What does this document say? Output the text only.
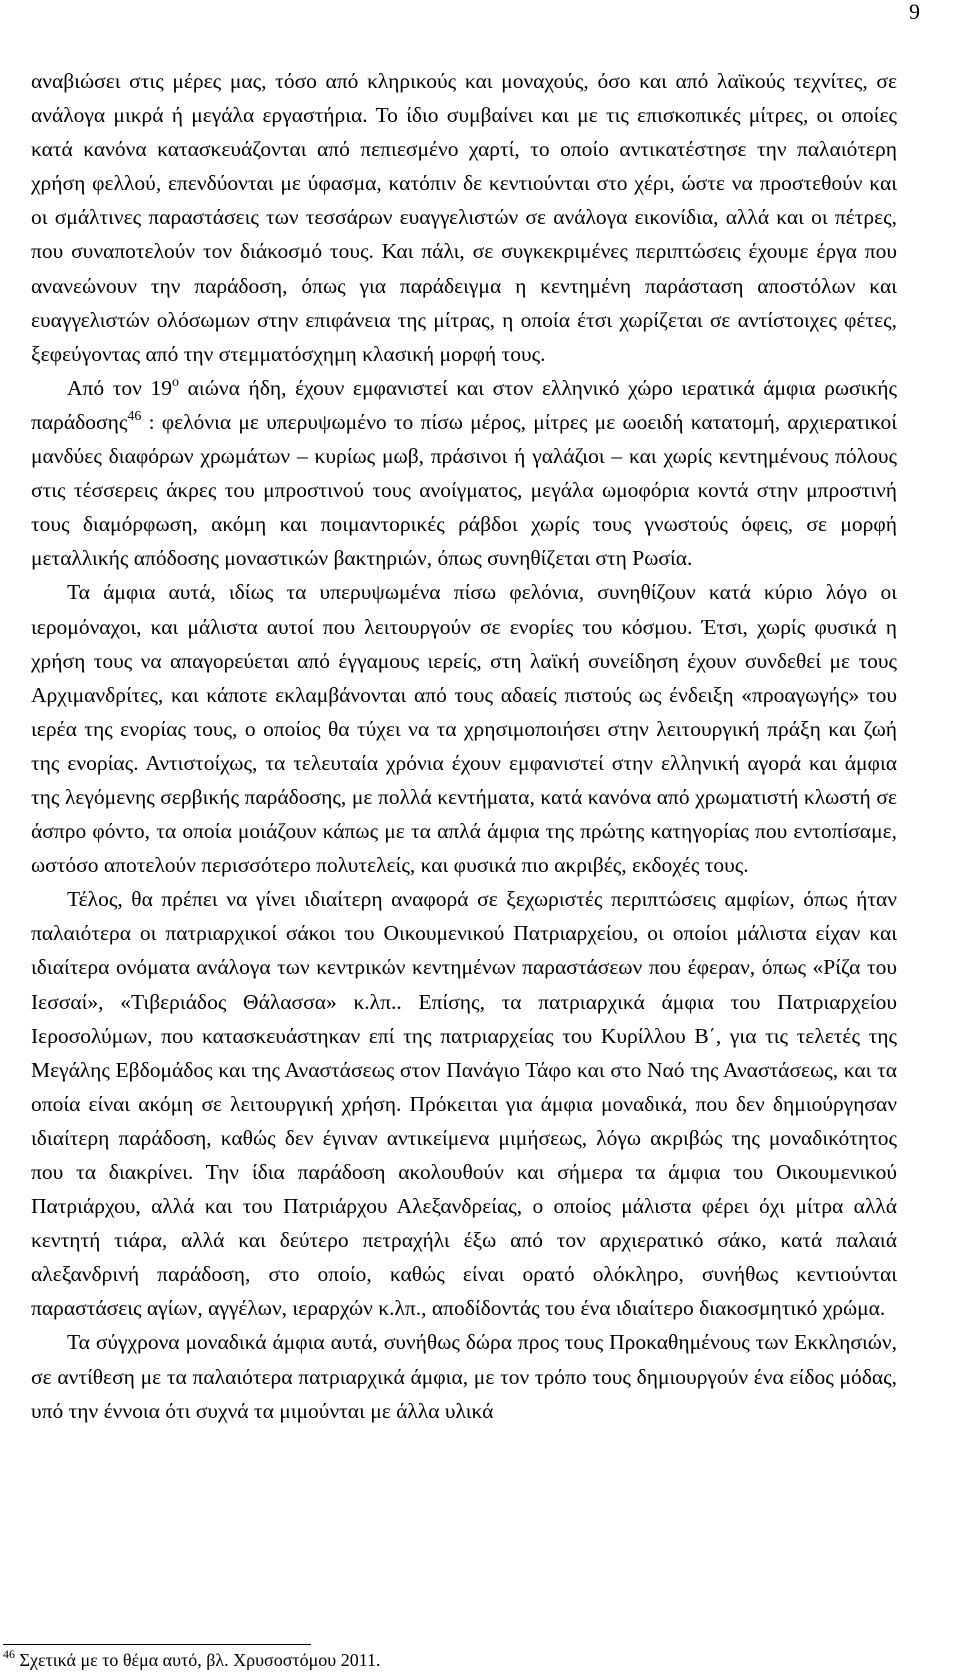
9

αναβιώσει στις μέρες μας, τόσο από κληρικούς και μοναχούς, όσο και από λαϊκούς τεχνίτες, σε ανάλογα μικρά ή μεγάλα εργαστήρια. Το ίδιο συμβαίνει και με τις επισκοπικές μίτρες, οι οποίες κατά κανόνα κατασκευάζονται από πεπιεσμένο χαρτί, το οποίο αντικατέστησε την παλαιότερη χρήση φελλού, επενδύονται με ύφασμα, κατόπιν δε κεντιούνται στο χέρι, ώστε να προστεθούν και οι σμάλτινες παραστάσεις των τεσσάρων ευαγγελιστών σε ανάλογα εικονίδια, αλλά και οι πέτρες, που συναποτελούν τον διάκοσμό τους. Και πάλι, σε συγκεκριμένες περιπτώσεις έχουμε έργα που ανανεώνουν την παράδοση, όπως για παράδειγμα η κεντημένη παράσταση αποστόλων και ευαγγελιστών ολόσωμων στην επιφάνεια της μίτρας, η οποία έτσι χωρίζεται σε αντίστοιχες φέτες, ξεφεύγοντας από την στεμματόσχημη κλασική μορφή τους.

Από τον $19^o$ αιώνα ήδη, έχουν εμφανιστεί και στον ελληνικό χώρο ιερατικά άμφια ρωσικής παράδοσης$^{46}$ : φελόνια με υπερυψωμένο το πίσω μέρος, μίτρες με ωοειδή κατατομή, αρχιερατικοί μανδύες διαφόρων χρωμάτων – κυρίως μωβ, πράσινοι ή γαλάζιοι – και χωρίς κεντημένους πόλους στις τέσσερεις άκρες του μπροστινού τους ανοίγματος, μεγάλα ωμοφόρια κοντά στην μπροστινή τους διαμόρφωση, ακόμη και ποιμαντορικές ράβδοι χωρίς τους γνωστούς όφεις, σε μορφή μεταλλικής απόδοσης μοναστικών βακτηριών, όπως συνηθίζεται στη Ρωσία.

Τα άμφια αυτά, ιδίως τα υπερυψωμένα πίσω φελόνια, συνηθίζουν κατά κύριο λόγο οι ιερομόναχοι, και μάλιστα αυτοί που λειτουργούν σε ενορίες του κόσμου. Έτσι, χωρίς φυσικά η χρήση τους να απαγορεύεται από έγγαμους ιερείς, στη λαϊκή συνείδηση έχουν συνδεθεί με τους Αρχιμανδρίτες, και κάποτε εκλαμβάνονται από τους αδαείς πιστούς ως ένδειξη «προαγωγής» του ιερέα της ενορίας τους, ο οποίος θα τύχει να τα χρησιμοποιήσει στην λειτουργική πράξη και ζωή της ενορίας. Αντιστοίχως, τα τελευταία χρόνια έχουν εμφανιστεί στην ελληνική αγορά και άμφια της λεγόμενης σερβικής παράδοσης, με πολλά κεντήματα, κατά κανόνα από χρωματιστή κλωστή σε άσπρο φόντο, τα οποία μοιάζουν κάπως με τα απλά άμφια της πρώτης κατηγορίας που εντοπίσαμε, ωστόσο αποτελούν περισσότερο πολυτελείς, και φυσικά πιο ακριβές, εκδοχές τους.

Τέλος, θα πρέπει να γίνει ιδιαίτερη αναφορά σε ξεχωριστές περιπτώσεις αμφίων, όπως ήταν παλαιότερα οι πατριαρχικοί σάκοι του Οικουμενικού Πατριαρχείου, οι οποίοι μάλιστα είχαν και ιδιαίτερα ονόματα ανάλογα των κεντρικών κεντημένων παραστάσεων που έφεραν, όπως «Ρίζα του Ιεσσαί», «Τιβεριάδος Θάλασσα» κ.λπ.. Επίσης, τα πατριαρχικά άμφια του Πατριαρχείου Ιεροσολύμων, που κατασκευάστηκαν επί της πατριαρχείας του Κυρίλλου Β΄, για τις τελετές της Μεγάλης Εβδομάδος και της Αναστάσεως στον Πανάγιο Τάφο και στο Ναό της Αναστάσεως, και τα οποία είναι ακόμη σε λειτουργική χρήση. Πρόκειται για άμφια μοναδικά, που δεν δημιούργησαν ιδιαίτερη παράδοση, καθώς δεν έγιναν αντικείμενα μιμήσεως, λόγω ακριβώς της μοναδικότητος που τα διακρίνει. Την ίδια παράδοση ακολουθούν και σήμερα τα άμφια του Οικουμενικού Πατριάρχου, αλλά και του Πατριάρχου Αλεξανδρείας, ο οποίος μάλιστα φέρει όχι μίτρα αλλά κεντητή τιάρα, αλλά και δεύτερο πετραχήλι έξω από τον αρχιερατικό σάκο, κατά παλαιά αλεξανδρινή παράδοση, στο οποίο, καθώς είναι ορατό ολόκληρο, συνήθως κεντιούνται παραστάσεις αγίων, αγγέλων, ιεραρχών κ.λπ., αποδίδοντάς του ένα ιδιαίτερο διακοσμητικό χρώμα.

Τα σύγχρονα μοναδικά άμφια αυτά, συνήθως δώρα προς τους Προκαθημένους των Εκκλησιών, σε αντίθεση με τα παλαιότερα πατριαρχικά άμφια, με τον τρόπο τους δημιουργούν ένα είδος μόδας, υπό την έννοια ότι συχνά τα μιμούνται με άλλα υλικά

$^{46}$ Σχετικά με το θέμα αυτό, βλ. Χρυσοστόμου 2011.
